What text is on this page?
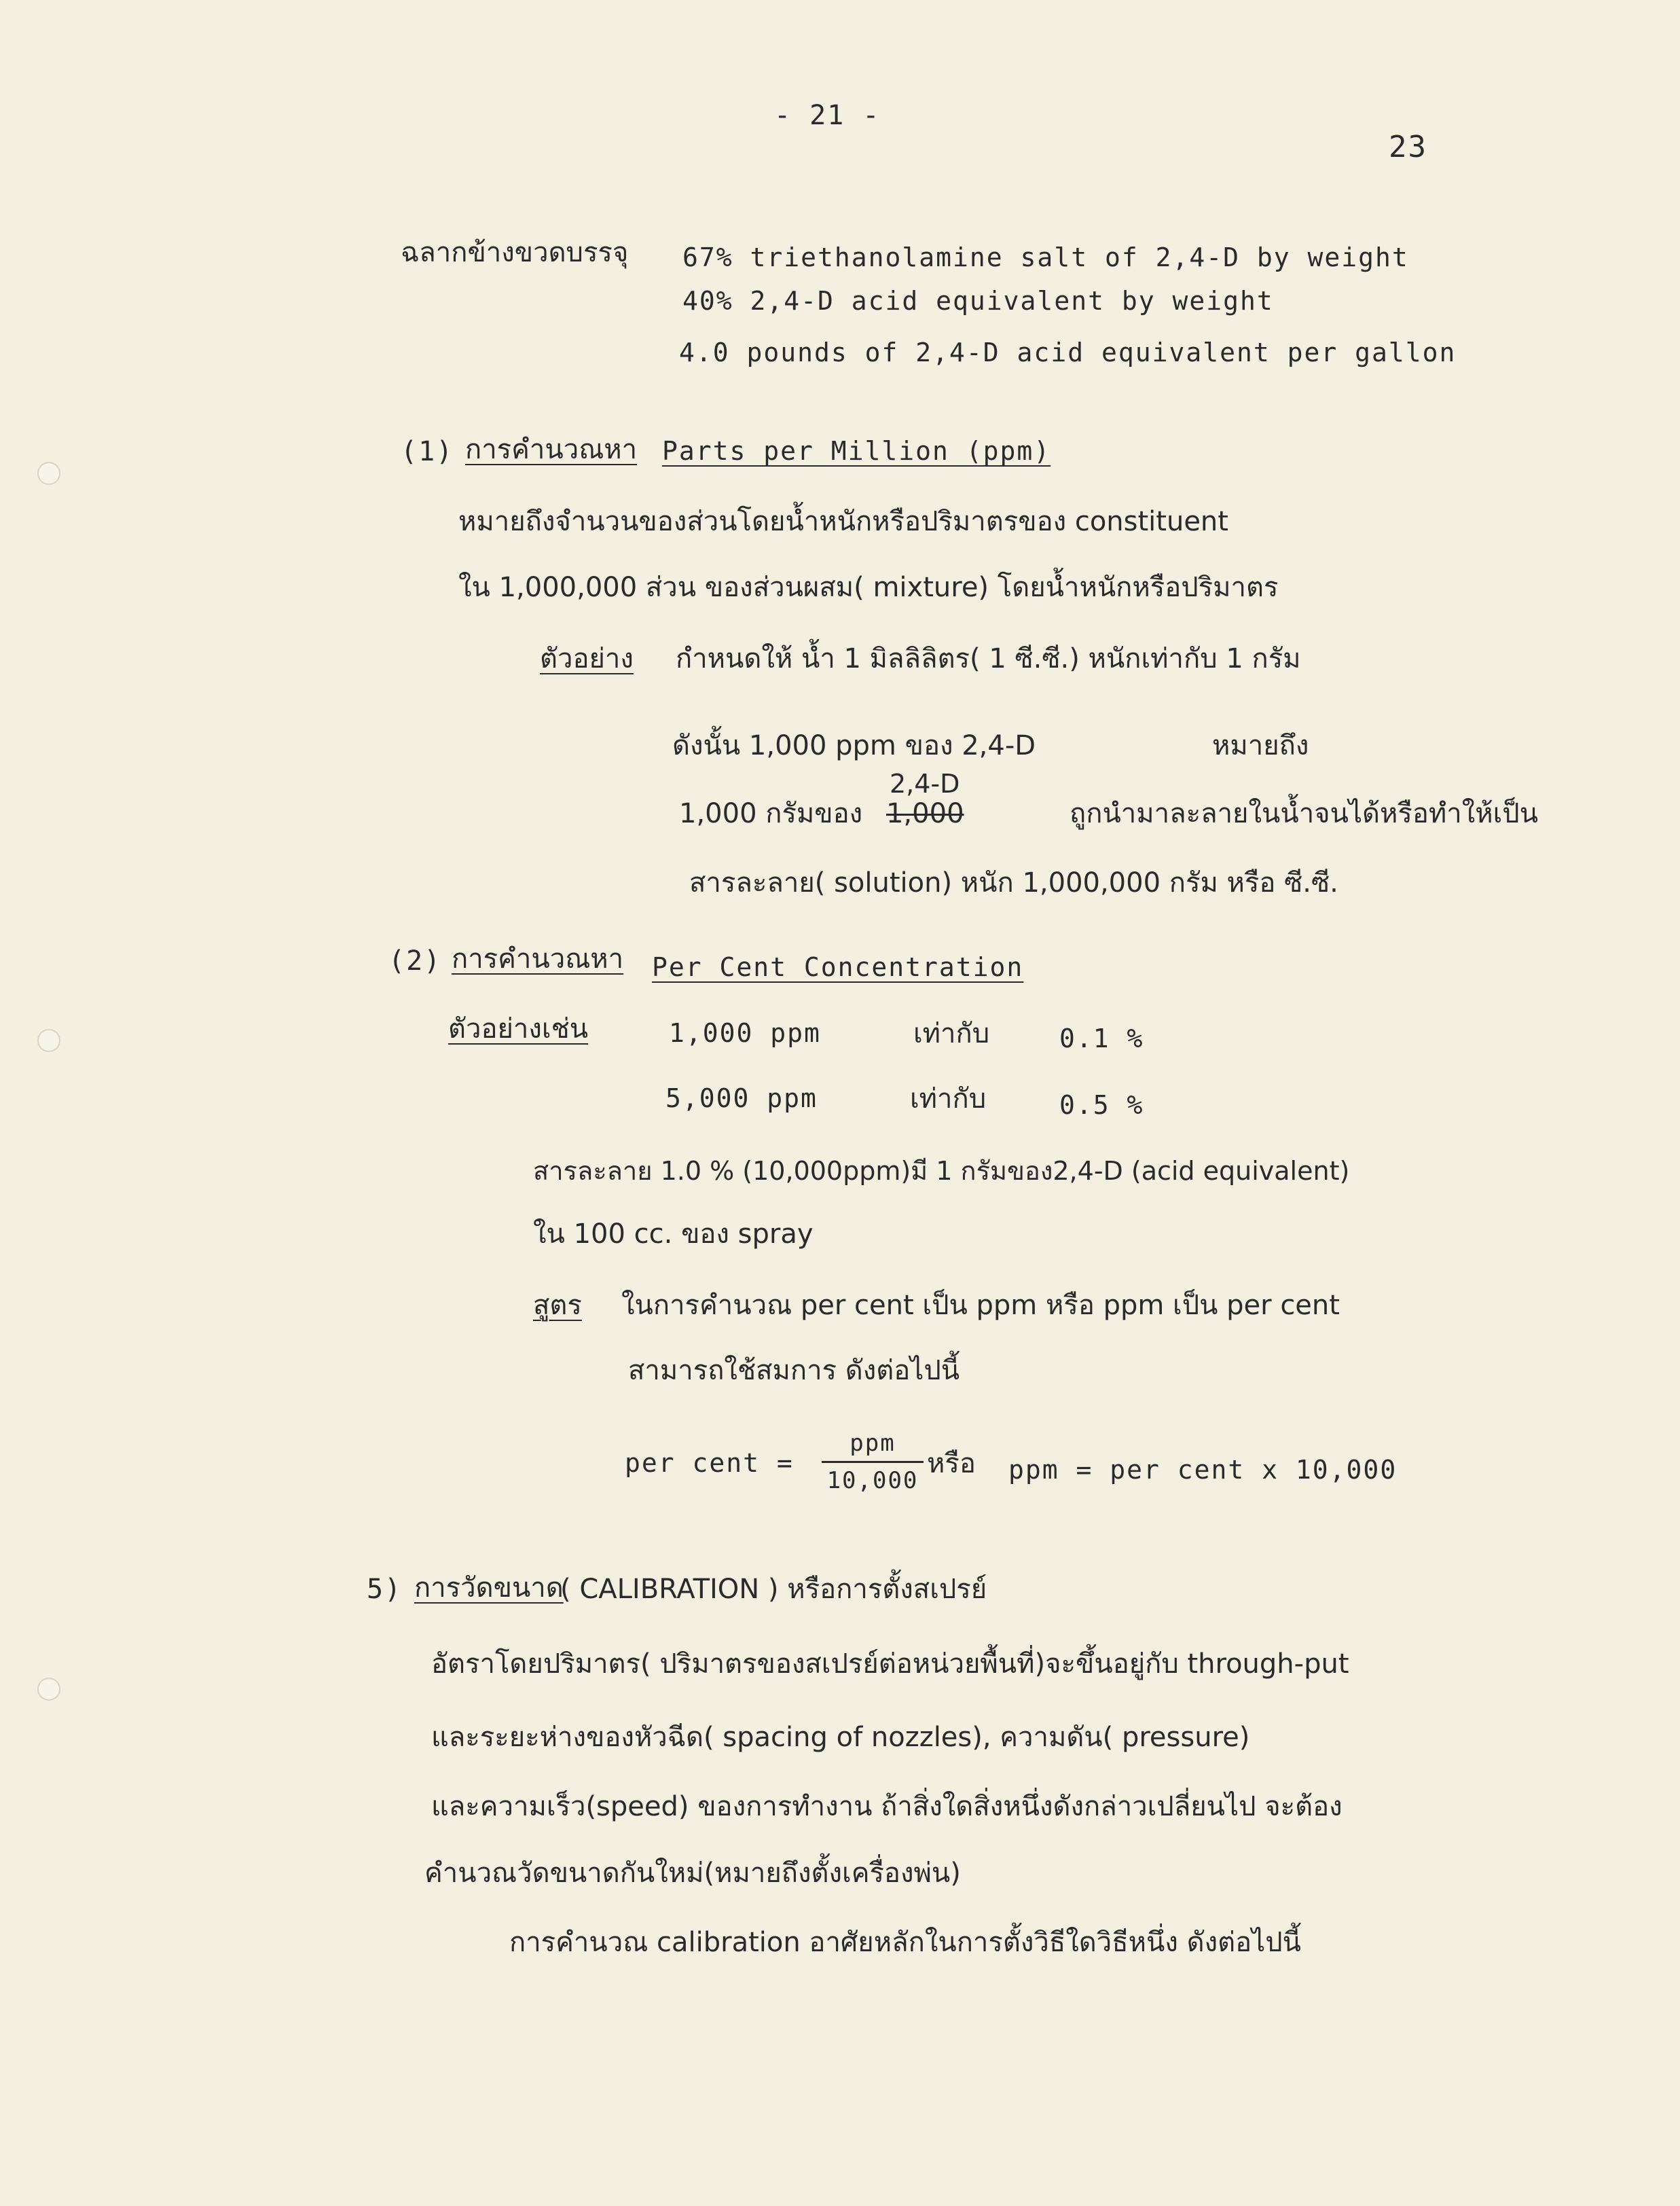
- 21 -
23
ฉลากข้างขวดบรรจุ 67% triethanolamine salt of 2,4-D by weight
40% 2,4-D acid equivalent by weight
4.0 pounds of 2,4-D acid equivalent per gallon
(1) การคำนวณหา Parts per Million (ppm)
หมายถึงจำนวนของส่วนโดยน้ำหนักหรือปริมาตรของ constituent
ใน 1,000,000 ส่วน ของส่วนผสม( mixture) โดยน้ำหนักหรือปริมาตร
ตัวอย่าง กำหนดให้ น้ำ 1 มิลลิลิตร( 1 ซี.ซี.) หนักเท่ากับ 1 กรัม
ดังนั้น 1,000 ppm ของ 2,4-D	หมายถึง
2,4-D
1,000 กรัมของ 1,000	ถูกนำมาละลายในน้ำจนได้หรือทำให้เป็น
สารละลาย( solution) หนัก 1,000,000 กรัม หรือ ซี.ซี.
(2) การคำนวณหา Per Cent Concentration
ตัวอย่างเช่น	1,000 ppm	เท่ากับ	0.1 %
5,000 ppm	เท่ากับ	0.5 %
สารละลาย 1.0 % (10,000ppm)มี 1 กรัมของ2,4-D (acid equivalent)
ใน 100 cc. ของ spray
สูตร ในการคำนวณ per cent เป็น ppm หรือ ppm เป็น per cent
สามารถใช้สมการ ดังต่อไปนี้
per cent =
ppm
10,000
หรือ ppm = per cent x 10,000
5) การวัดขนาด
( CALIBRATION ) หรือการตั้งสเปรย์
อัตราโดยปริมาตร( ปริมาตรของสเปรย์ต่อหน่วยพื้นที่)จะขึ้นอยู่กับ through-put
และระยะห่างของหัวฉีด( spacing of nozzles), ความดัน( pressure)
และความเร็ว(speed) ของการทำงาน ถ้าสิ่งใดสิ่งหนึ่งดังกล่าวเปลี่ยนไป จะต้อง
คำนวณวัดขนาดกันใหม่(หมายถึงตั้งเครื่องพ่น)
การคำนวณ calibration อาศัยหลักในการตั้งวิธีใดวิธีหนึ่ง ดังต่อไปนี้
